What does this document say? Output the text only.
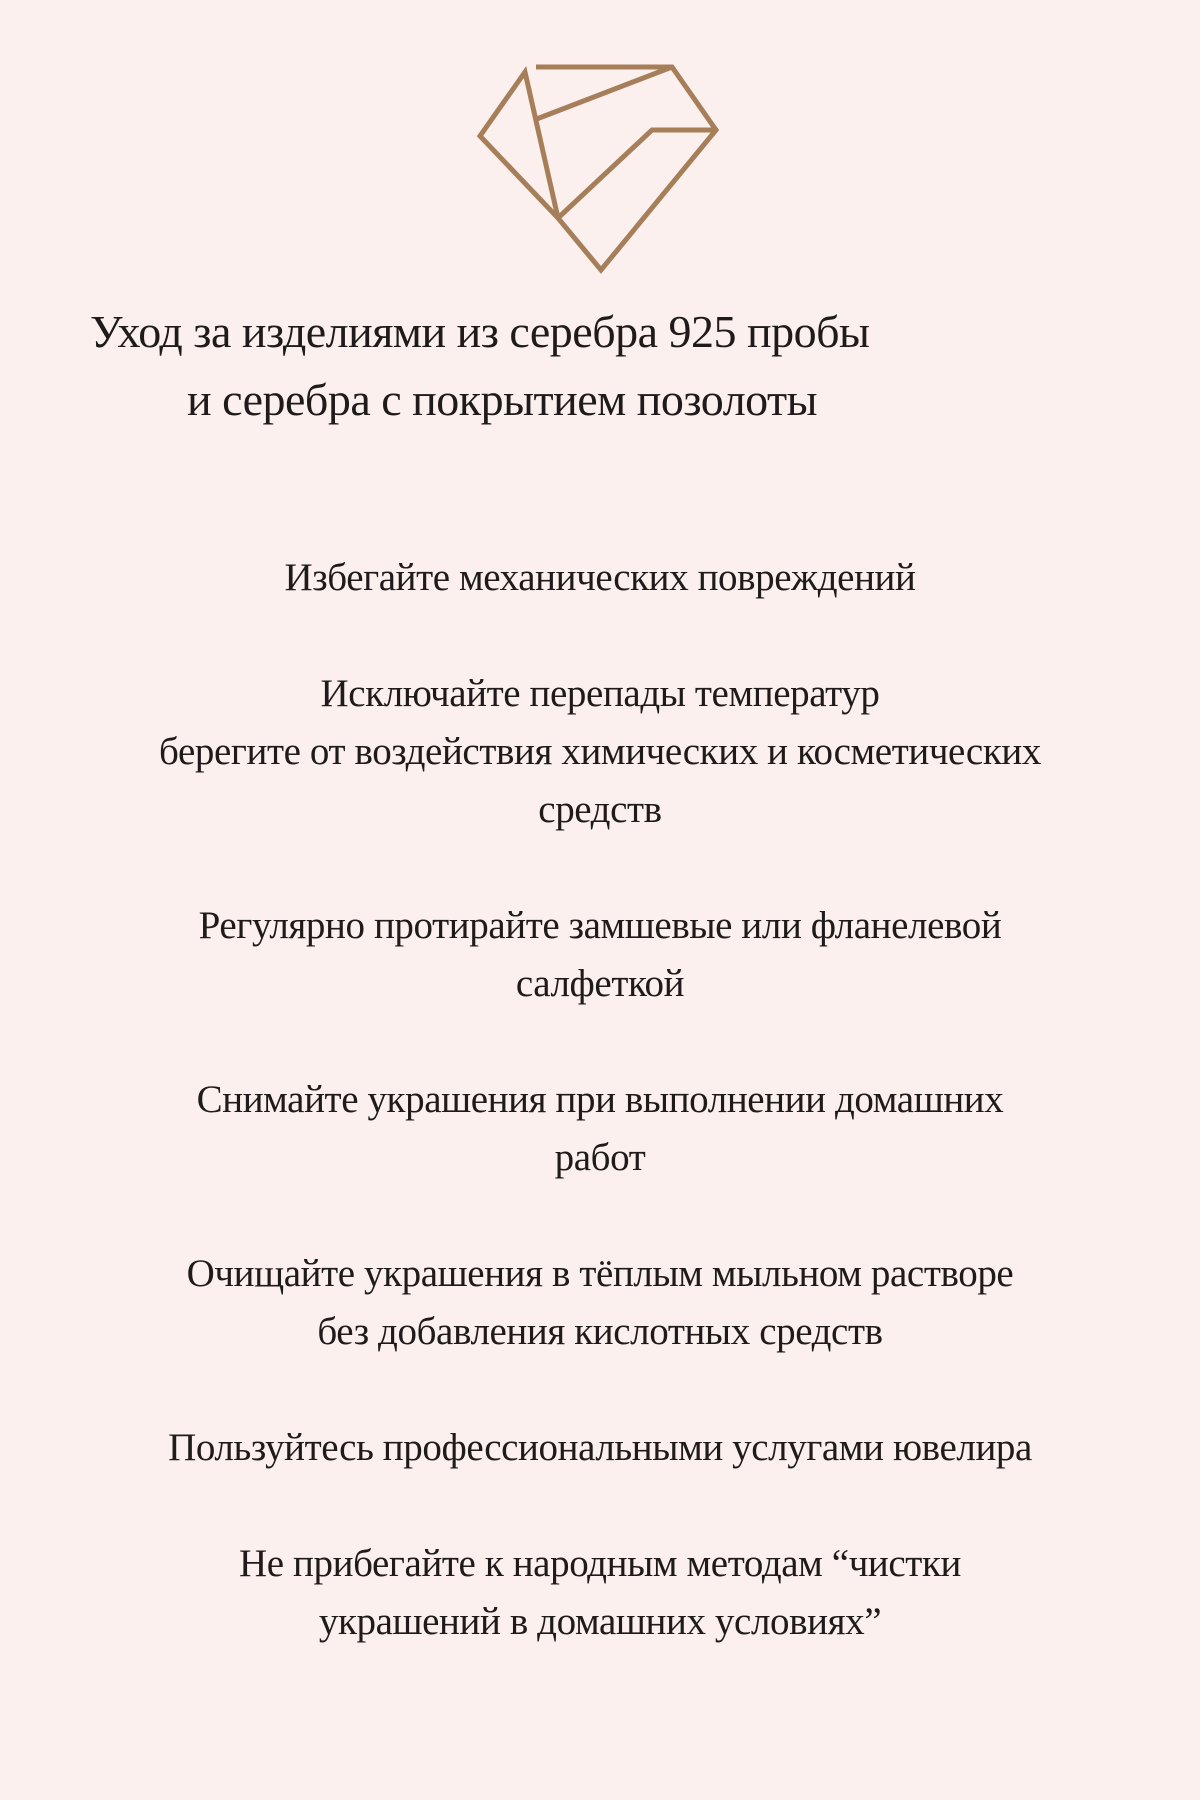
Уход за изделиями из серебра 925 пробы
и серебра с покрытием позолоты
Избегайте механических повреждений
Исключайте перепады температур
берегите от воздействия химических и косметических
средств
Регулярно протирайте замшевые или фланелевой
салфеткой
Снимайте украшения при выполнении домашних
работ
Очищайте украшения в тёплым мыльном растворе
без добавления кислотных средств
Пользуйтесь профессиональными услугами ювелира
Не прибегайте к народным методам “чистки
украшений в домашних условиях”
